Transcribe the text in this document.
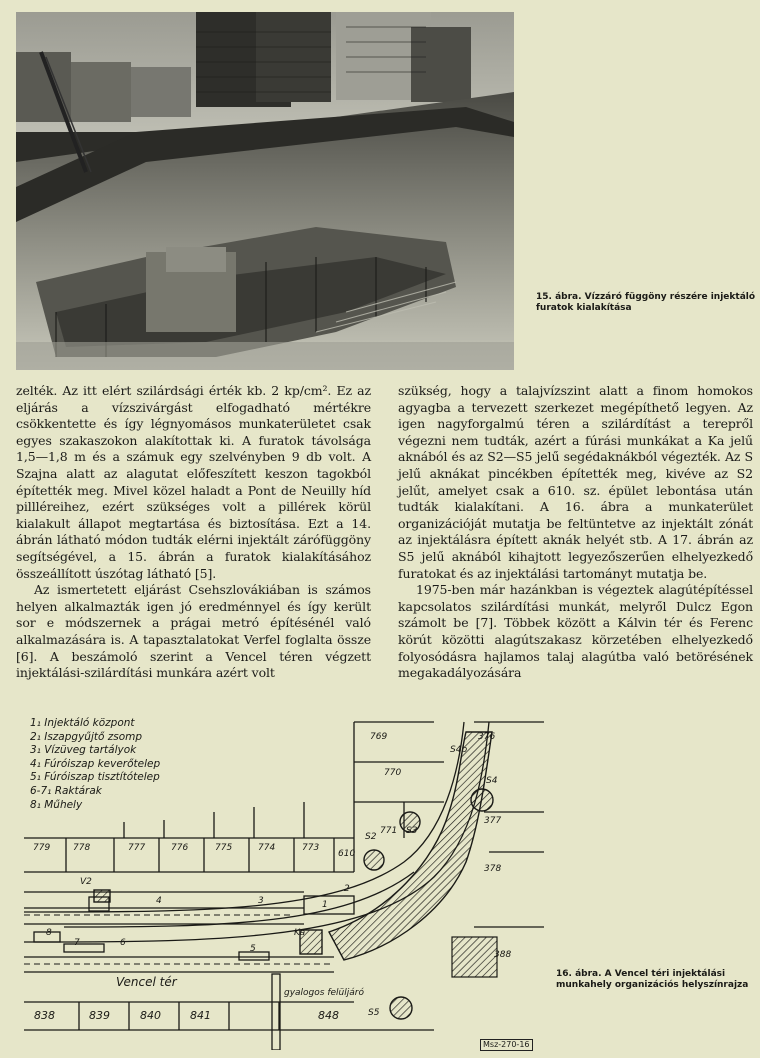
15. ábra. Vízzáró függöny részére injektáló furatok kialakítása

zelték. Az itt elért szilárdsági érték kb. 2 kp/cm². Ez az eljárás a vízszivárgást elfogadható mértékre csökkentette és így légnyomásos munkaterületet csak egyes szakaszokon alakítottak ki. A furatok távolsága 1,5—1,8 m és a számuk egy szelvényben 9 db volt. A Szajna alatt az alagutat előfeszített keszon tagokból építették meg. Mivel közel haladt a Pont de Neuilly híd pillléreihez, ezért szükséges volt a pillérek körül kialakult állapot megtartása és biztosítása. Ezt a 14. ábrán látható módon tudták elérni injektált zárófüggöny segítségével, a 15. ábrán a furatok kialakításához összeállított úszótag látható [5].

Az ismertetett eljárást Csehszlovákiában is számos helyen alkalmazták igen jó eredménnyel és így került sor e módszernek a prágai metró építésénél való alkalmazására is. A tapasztalatokat Verfel foglalta össze [6]. A beszámoló szerint a Vencel téren végzett injektálási-szilárdítási munkára azért volt

szükség, hogy a talajvízszint alatt a finom homokos agyagba a tervezett szerkezet megépíthető legyen. Az igen nagyforgalmú téren a szilárdítást a terepről végezni nem tudták, azért a fúrási munkákat a Ka jelű aknából és az S2—S5 jelű segédaknákból végezték. Az S jelű aknákat pincékben építették meg, kivéve az S2 jelűt, amelyet csak a 610. sz. épület lebontása után tudták kialakítani. A 16. ábra a munkaterület organizációját mutatja be feltüntetve az injektált zónát az injektálásra épített aknák helyét stb. A 17. ábrán az S5 jelű aknából kihajtott legyezőszerűen elhelyezkedő furatokat és az injektálási tartományt mutatja be.

1975-ben már hazánkban is végeztek alagútépítéssel kapcsolatos szilárdítási munkát, melyről Dulcz Egon számolt be [7]. Többek között a Kálvin tér és Ferenc körút közötti alagútszakasz körzetében elhelyezkedő folyosódásra hajlamos talaj alagútba való betörésének megakadályozására

1₁ Injektáló központ
2₁ Iszapgyűjtő zsomp
3₁ Vízüveg tartályok
4₁ Fúróiszap keverőtelep
5₁ Fúróiszap tisztítótelep
6-7₁ Raktárak
8₁ Műhely
779	778	777	776	775	774	773
610
769
770
771
377
378
376
S2
S3
S4
S4b
S5
V2
Ka
1
2
3
4
5
6
7
8
388
Vencel tér
gyalogos felüljáró
838	839	840	841	848
Msz-270-16
16. ábra. A Vencel téri injektálási munkahely organizációs helyszínrajza
